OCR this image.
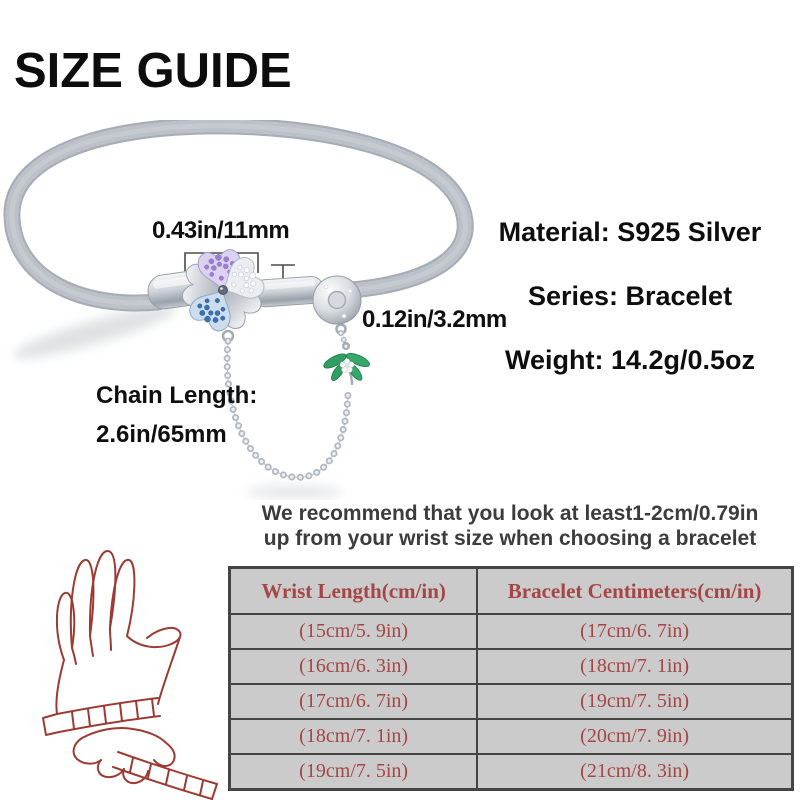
SIZE GUIDE
0.43in/11mm
0.12in/3.2mm
Chain Length:
2.6in/65mm
Material: S925 Silver
Series: Bracelet
Weight: 14.2g/0.5oz
We recommend that you look at least1-2cm/0.79in
up from your wrist size when choosing a bracelet
Wrist Length(cm/in)	Bracelet Centimeters(cm/in)
(15cm/5. 9in)	(17cm/6. 7in)
(16cm/6. 3in)	(18cm/7. 1in)
(17cm/6. 7in)	(19cm/7. 5in)
(18cm/7. 1in)	(20cm/7. 9in)
(19cm/7. 5in)	(21cm/8. 3in)
